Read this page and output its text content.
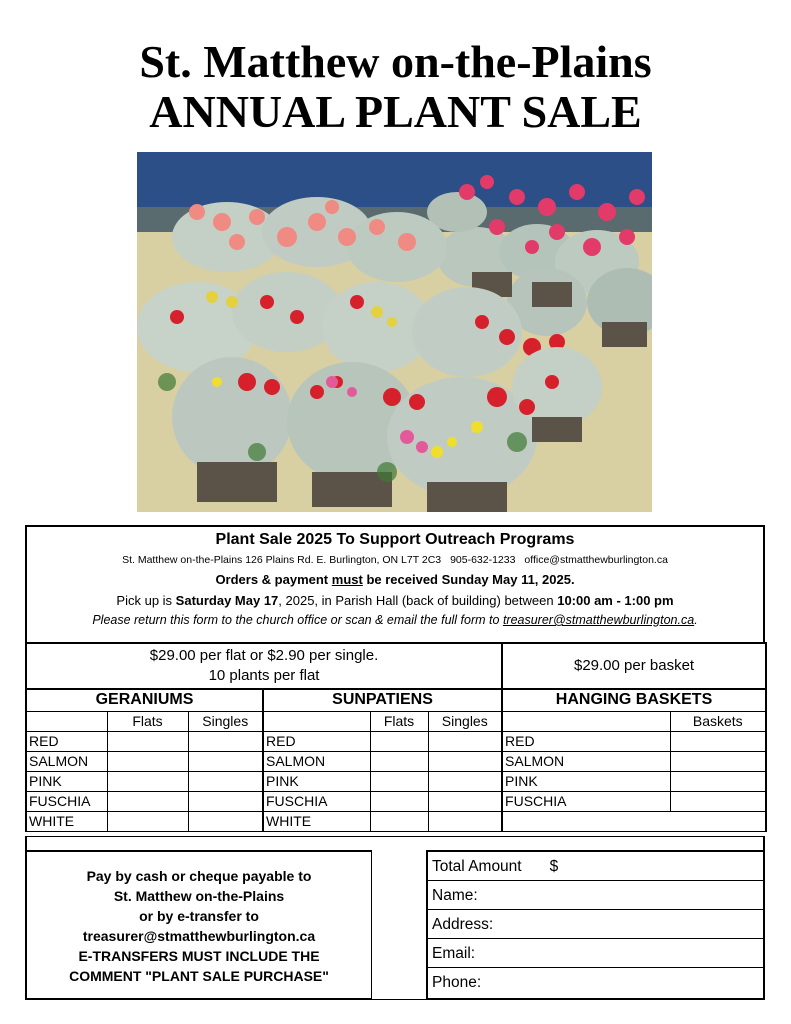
St. Matthew on-the-Plains
ANNUAL PLANT SALE
Plant Sale 2025 To Support Outreach Programs
St. Matthew on-the-Plains 126 Plains Rd. E. Burlington, ON L7T 2C3 905-632-1233 office@stmatthewburlington.ca
Orders & payment must be received Sunday May 11, 2025.
Pick up is Saturday May 17, 2025, in Parish Hall (back of building) between 10:00 am - 1:00 pm
Please return this form to the church office or scan & email the full form to treasurer@stmatthewburlington.ca.
$29.00 per flat or $2.90 per single.
10 plants per flat						$29.00 per basket	
GERANIUMS			SUNPATIENS			HANGING BASKETS	
	Flats	Singles		Flats	Singles		Baskets
RED			RED			RED	
SALMON			SALMON			SALMON	
PINK			PINK			PINK	
FUSCHIA			FUSCHIA			FUSCHIA	
WHITE			WHITE				
Pay by cash or cheque payable to
St. Matthew on-the-Plains
or by e-transfer to
treasurer@stmatthewburlington.ca
E-TRANSFERS MUST INCLUDE THE
COMMENT "PLANT SALE PURCHASE"
Total Amount $
Name:
Address:
Email:
Phone:
